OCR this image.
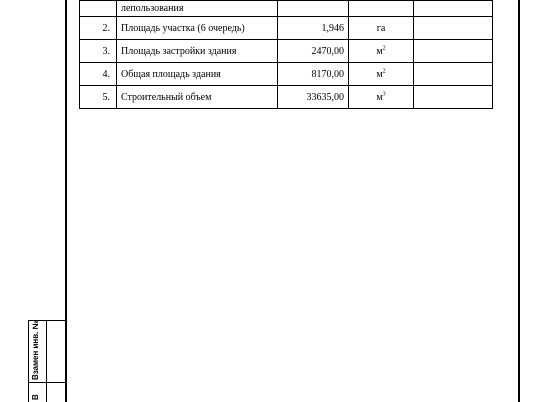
	лепользования			
2.	Площадь участка (6 очередь)	1,946	га	
3.	Площадь застройки здания	2470,00	$м^2$	
4.	Общая площадь здания	8170,00	$м^2$	
5.	Строительный объем	33635,00	$м^3$	
Взамен инв. №
В
